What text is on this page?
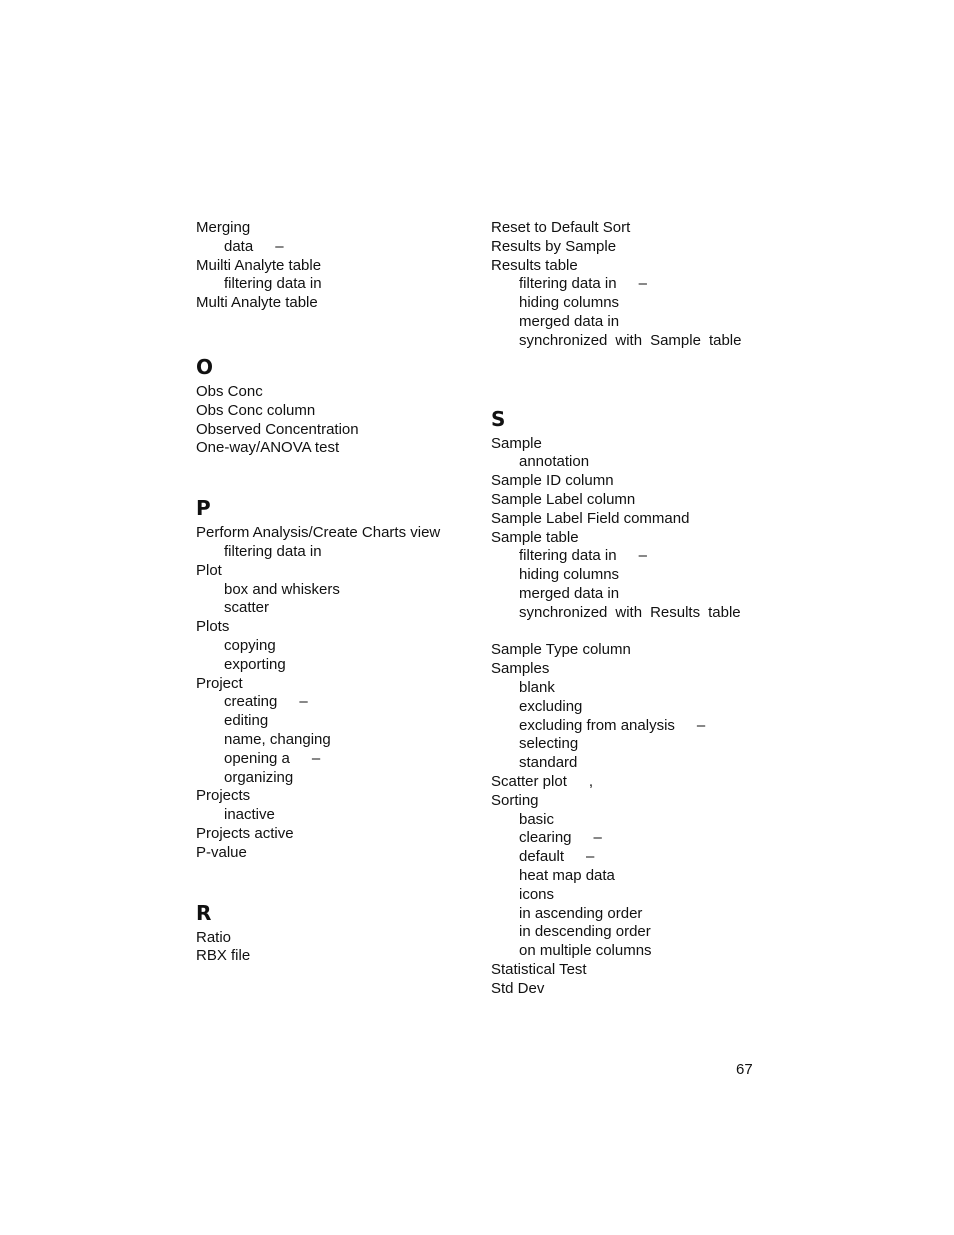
Merging
data –
Muilti Analyte table
filtering data in
Multi Analyte table
O
Obs Conc
Obs Conc column
Observed Concentration
One-way/ANOVA test
P
Perform Analysis/Create Charts view
filtering data in
Plot
box and whiskers
scatter
Plots
copying
exporting
Project
creating –
editing
name, changing
opening a –
organizing
Projects
inactive
Projects active
P-value
R
Ratio
RBX file
Reset to Default Sort
Results by Sample
Results table
filtering data in –
hiding columns
merged data in
synchronized with Sample table
S
Sample
annotation
Sample ID column
Sample Label column
Sample Label Field command
Sample table
filtering data in –
hiding columns
merged data in
synchronized with Results table
Sample Type column
Samples
blank
excluding
excluding from analysis –
selecting
standard
Scatter plot ,
Sorting
basic
clearing –
default –
heat map data
icons
in ascending order
in descending order
on multiple columns
Statistical Test
Std Dev
67
